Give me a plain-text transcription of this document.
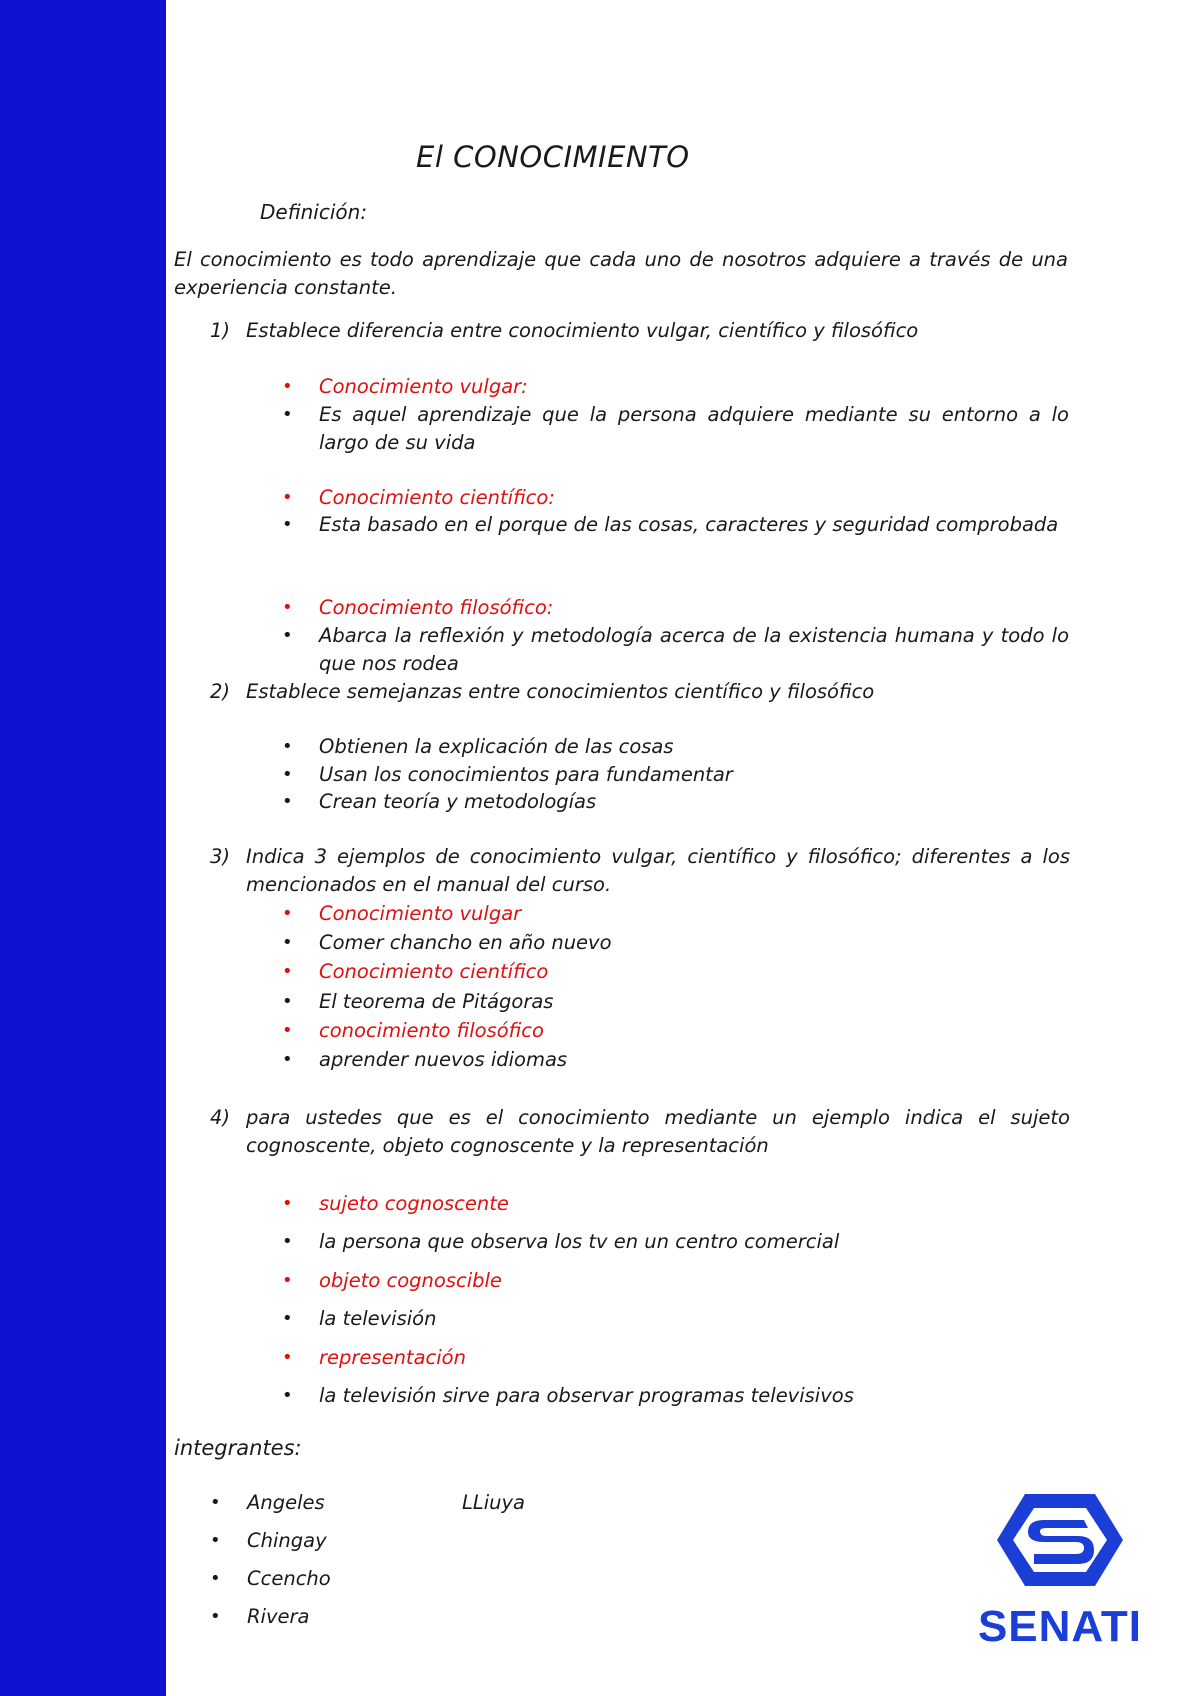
El CONOCIMIENTO
Definición:
El conocimiento es todo aprendizaje que cada uno de nosotros adquiere a través de una experiencia constante.
1) Establece diferencia entre conocimiento vulgar, científico y filosófico
• Conocimiento vulgar:
• Es aquel aprendizaje que la persona adquiere mediante su entorno a lo largo de su vida
• Conocimiento científico:
• Esta basado en el porque de las cosas, caracteres y seguridad comprobada
• Conocimiento filosófico:
• Abarca la reflexión y metodología acerca de la existencia humana y todo lo que nos rodea
2) Establece semejanzas entre conocimientos científico y filosófico
• Obtienen la explicación de las cosas
• Usan los conocimientos para fundamentar
• Crean teoría y metodologías
3) Indica 3 ejemplos de conocimiento vulgar, científico y filosófico; diferentes a los mencionados en el manual del curso.
• Conocimiento vulgar
• Comer chancho en año nuevo
• Conocimiento científico
• El teorema de Pitágoras
• conocimiento filosófico
• aprender nuevos idiomas
4) para ustedes que es el conocimiento mediante un ejemplo indica el sujeto cognoscente, objeto cognoscente y la representación
• sujeto cognoscente
• la persona que observa los tv en un centro comercial
• objeto cognoscible
• la televisión
• representación
• la televisión sirve para observar programas televisivos
integrantes:
• Angeles	LLiuya
• Chingay
• Ccencho
• Rivera	SENATI
